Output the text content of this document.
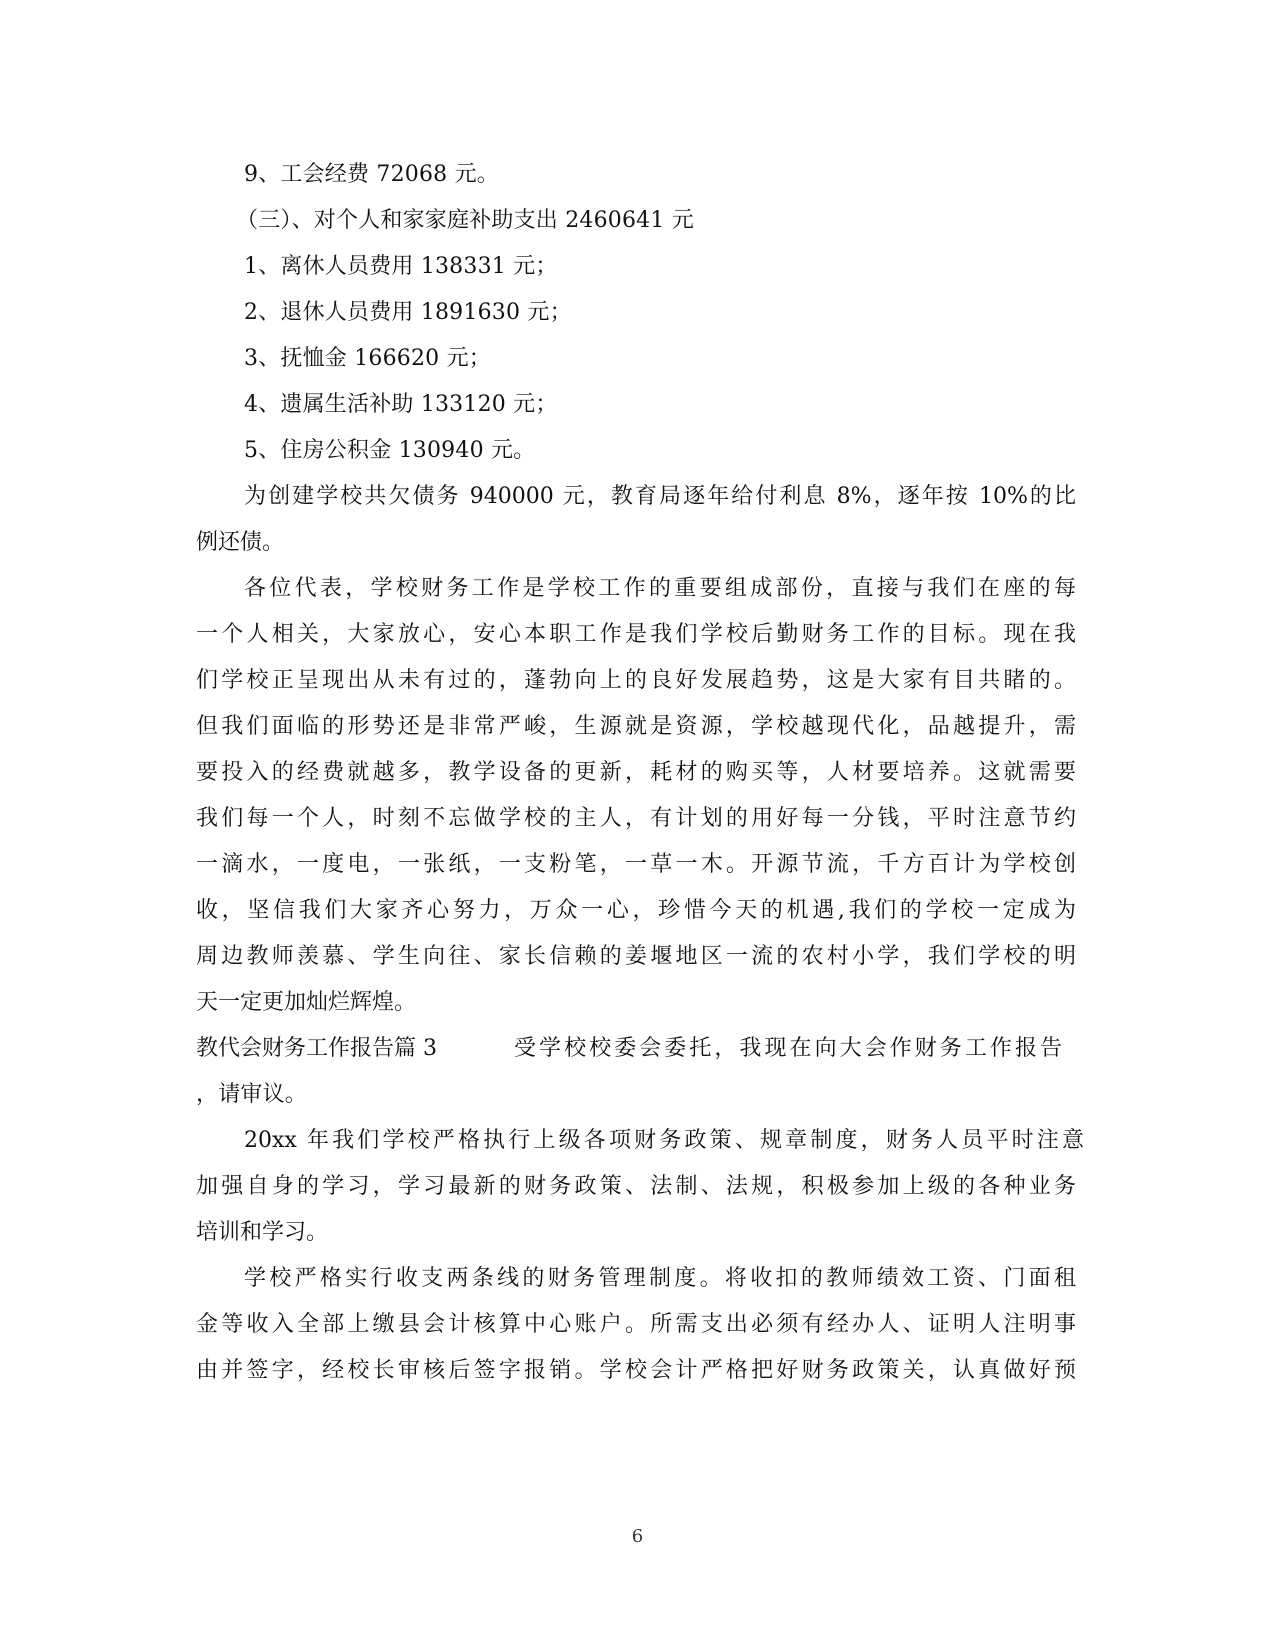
9、工会经费 72068 元。
（三）、对个人和家家庭补助支出 2460641 元
1、离休人员费用 138331 元；
2、退休人员费用 1891630 元；
3、抚恤金 166620 元；
4、遗属生活补助 133120 元；
5、住房公积金 130940 元。
为创建学校共欠债务 940000 元，教育局逐年给付利息 8%，逐年按 10%的比
例还债。
各位代表，学校财务工作是学校工作的重要组成部份，直接与我们在座的每
一个人相关，大家放心，安心本职工作是我们学校后勤财务工作的目标。现在我
们学校正呈现出从未有过的，蓬勃向上的良好发展趋势，这是大家有目共睹的。
但我们面临的形势还是非常严峻，生源就是资源，学校越现代化，品越提升，需
要投入的经费就越多，教学设备的更新，耗材的购买等，人材要培养。这就需要
我们每一个人，时刻不忘做学校的主人，有计划的用好每一分钱，平时注意节约
一滴水，一度电，一张纸，一支粉笔，一草一木。开源节流，千方百计为学校创
收，坚信我们大家齐心努力，万众一心，珍惜今天的机遇,我们的学校一定成为
周边教师羡慕、学生向往、家长信赖的姜堰地区一流的农村小学，我们学校的明
天一定更加灿烂辉煌。
教代会财务工作报告篇 3	受学校校委会委托，我现在向大会作财务工作报告
，请审议。
20xx 年我们学校严格执行上级各项财务政策、规章制度，财务人员平时注意
加强自身的学习，学习最新的财务政策、法制、法规，积极参加上级的各种业务
培训和学习。
学校严格实行收支两条线的财务管理制度。将收扣的教师绩效工资、门面租
金等收入全部上缴县会计核算中心账户。所需支出必须有经办人、证明人注明事
由并签字，经校长审核后签字报销。学校会计严格把好财务政策关，认真做好预
6
